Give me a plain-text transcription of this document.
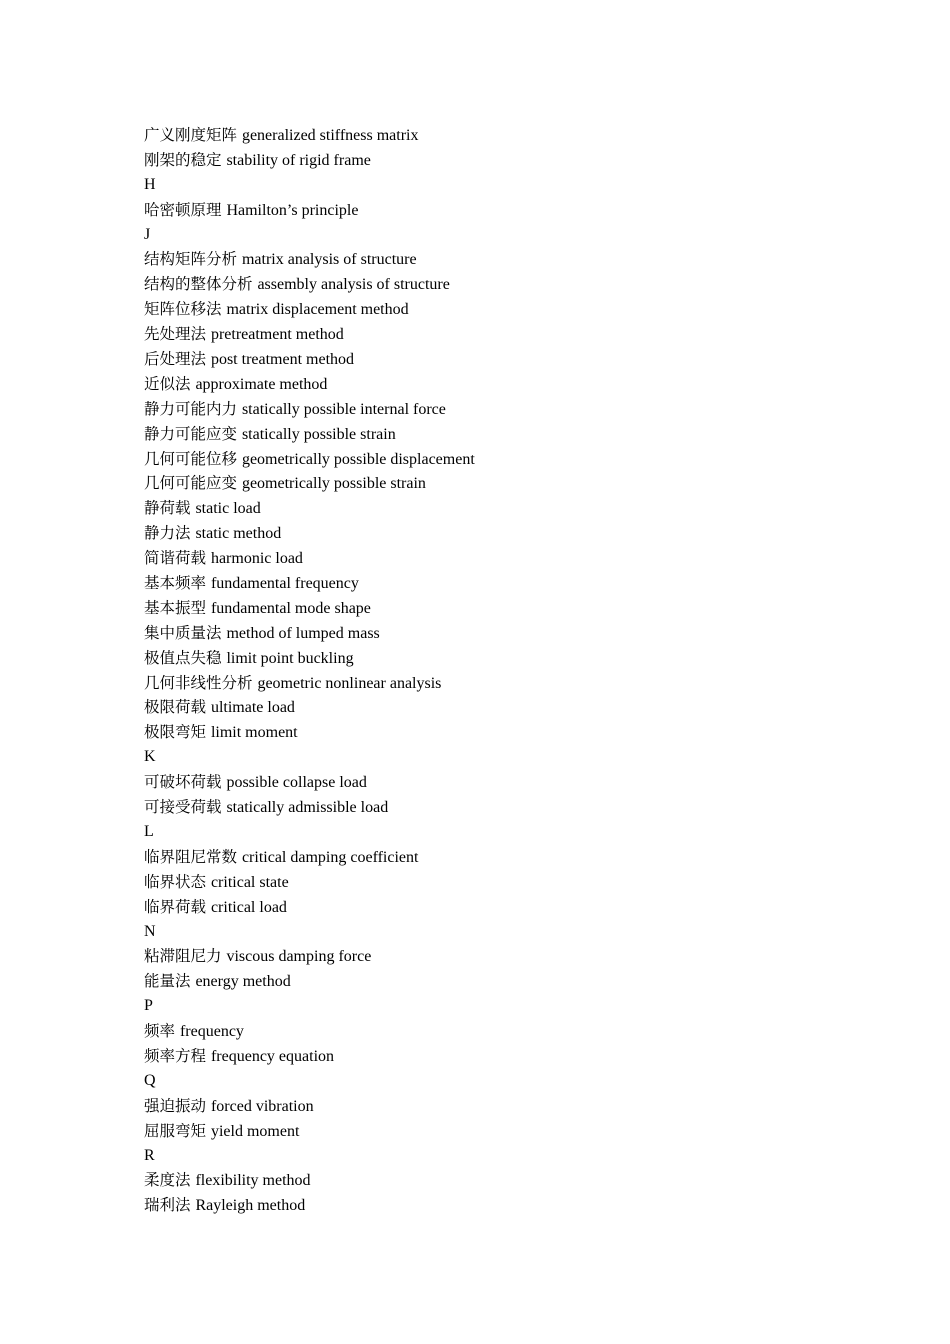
广义刚度矩阵 generalized stiffness matrix
刚架的稳定 stability of rigid frame
H
哈密顿原理 Hamilton’s principle
J
结构矩阵分析 matrix analysis of structure
结构的整体分析 assembly analysis of structure
矩阵位移法 matrix displacement method
先处理法 pretreatment method
后处理法 post treatment method
近似法 approximate method
静力可能内力 statically possible internal force
静力可能应变 statically possible strain
几何可能位移 geometrically possible displacement
几何可能应变 geometrically possible strain
静荷载 static load
静力法 static method
简谐荷载 harmonic load
基本频率 fundamental frequency
基本振型 fundamental mode shape
集中质量法 method of lumped mass
极值点失稳 limit point buckling
几何非线性分析 geometric nonlinear analysis
极限荷载 ultimate load
极限弯矩 limit moment
K
可破坏荷载 possible collapse load
可接受荷载 statically admissible load
L
临界阻尼常数 critical damping coefficient
临界状态 critical state
临界荷载 critical load
N
粘滞阻尼力 viscous damping force
能量法 energy method
P
频率 frequency
频率方程 frequency equation
Q
强迫振动 forced vibration
屈服弯矩 yield moment
R
柔度法 flexibility method
瑞利法 Rayleigh method
